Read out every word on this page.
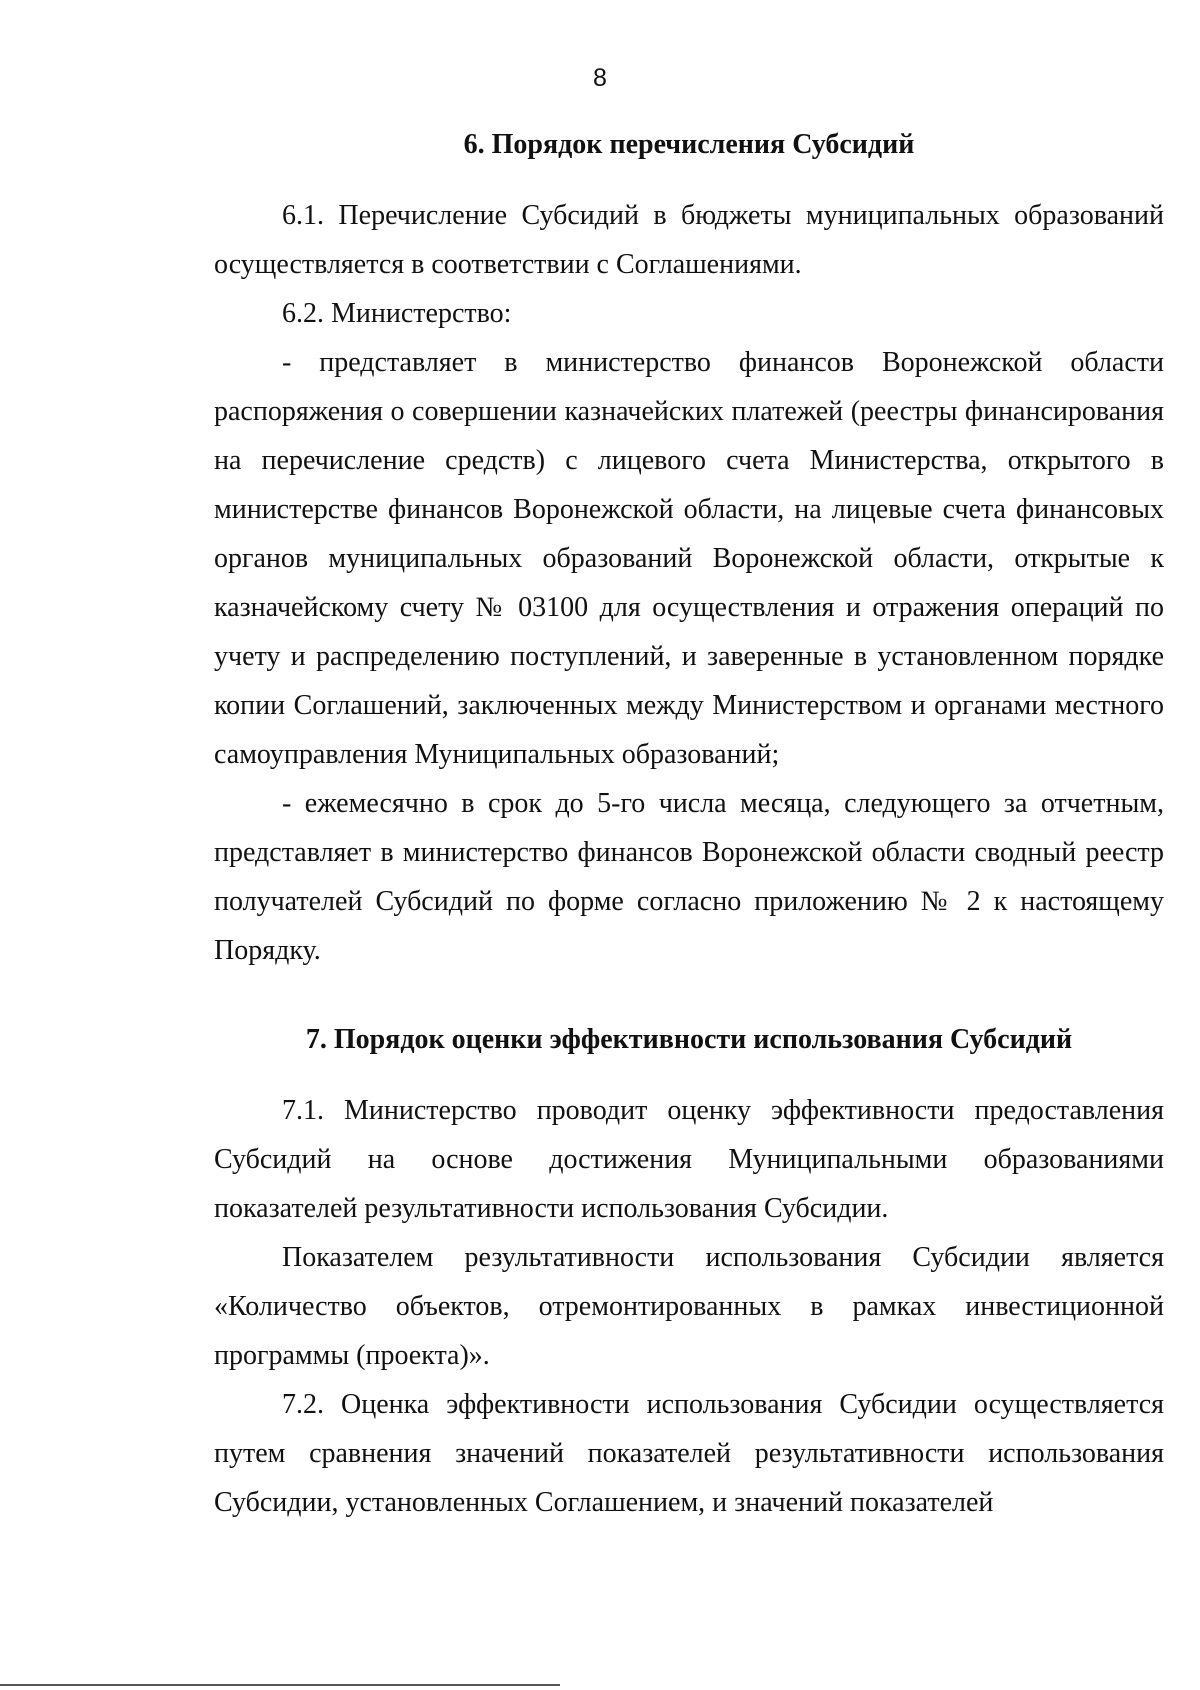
8
6. Порядок перечисления Субсидий

6.1. Перечисление Субсидий в бюджеты муниципальных образований осуществляется в соответствии с Соглашениями.

6.2. Министерство:

- представляет в министерство финансов Воронежской области распоряжения о совершении казначейских платежей (реестры финансирования на перечисление средств) с лицевого счета Министерства, открытого в министерстве финансов Воронежской области, на лицевые счета финансовых органов муниципальных образований Воронежской области, открытые к казначейскому счету № 03100 для осуществления и отражения операций по учету и распределению поступлений, и заверенные в установленном порядке копии Соглашений, заключенных между Министерством и органами местного самоуправления Муниципальных образований;

- ежемесячно в срок до 5-го числа месяца, следующего за отчетным, представляет в министерство финансов Воронежской области сводный реестр получателей Субсидий по форме согласно приложению № 2 к настоящему Порядку.

7. Порядок оценки эффективности использования Субсидий

7.1. Министерство проводит оценку эффективности предоставления Субсидий на основе достижения Муниципальными образованиями показателей результативности использования Субсидии.

Показателем результативности использования Субсидии является «Количество объектов, отремонтированных в рамках инвестиционной программы (проекта)».

7.2. Оценка эффективности использования Субсидии осуществляется путем сравнения значений показателей результативности использования Субсидии, установленных Соглашением, и значений показателей
